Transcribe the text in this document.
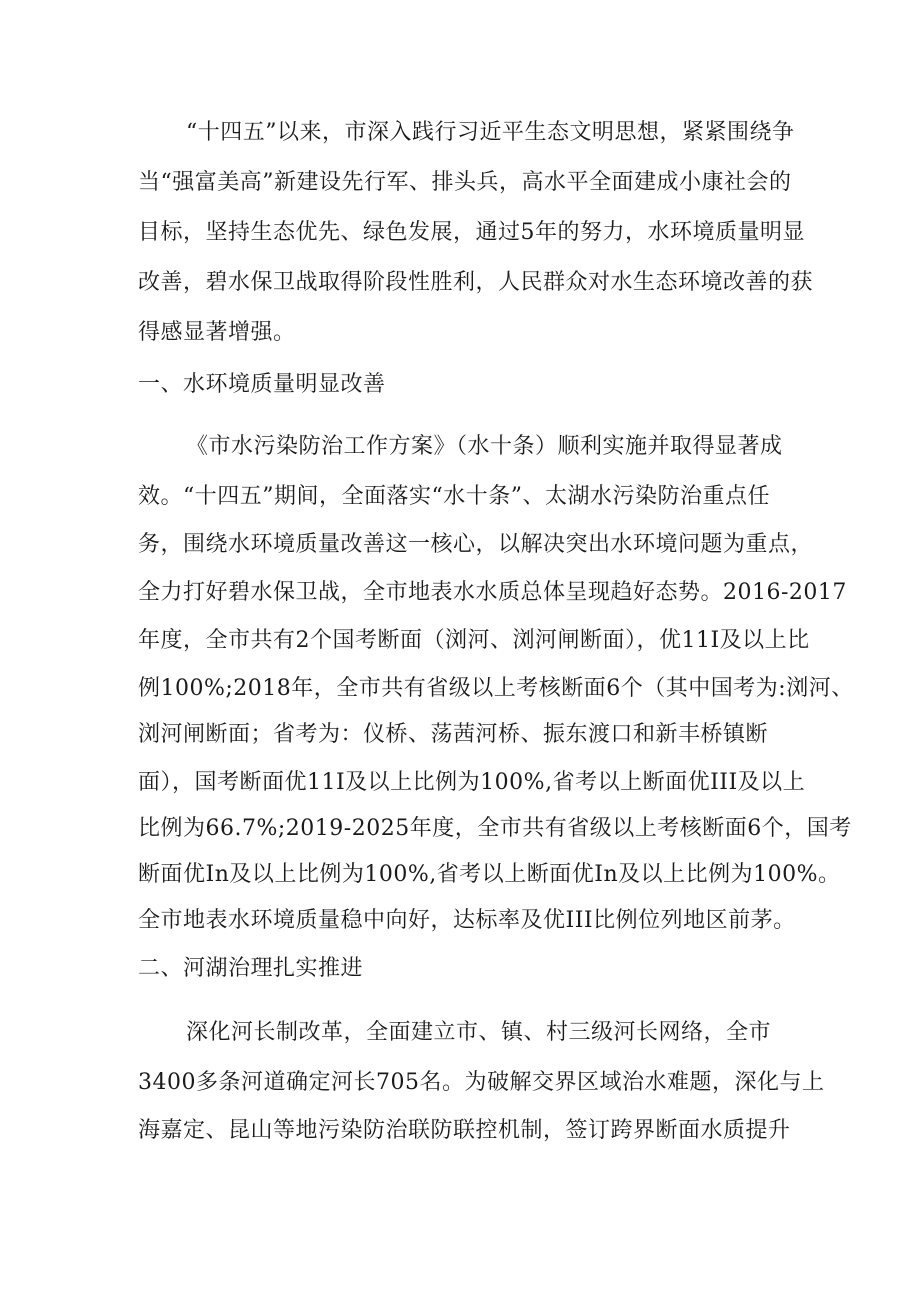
“十四五”以来，市深入践行习近平生态文明思想，紧紧围绕争
当“强富美高”新建设先行军、排头兵，高水平全面建成小康社会的
目标，坚持生态优先、绿色发展，通过5年的努力，水环境质量明显
改善，碧水保卫战取得阶段性胜利，人民群众对水生态环境改善的获
得感显著增强。
一、水环境质量明显改善
《市水污染防治工作方案》（水十条）顺利实施并取得显著成
效。“十四五”期间，全面落实“水十条”、太湖水污染防治重点任
务，围绕水环境质量改善这一核心，以解决突出水环境问题为重点，
全力打好碧水保卫战，全市地表水水质总体呈现趋好态势。2016-2017
年度，全市共有2个国考断面（浏河、浏河闸断面），优11I及以上比
例100%;2018年，全市共有省级以上考核断面6个（其中国考为:浏河、
浏河闸断面；省考为：仪桥、荡茜河桥、振东渡口和新丰桥镇断
面），国考断面优11I及以上比例为100%,省考以上断面优III及以上
比例为66.7%;2019-2025年度，全市共有省级以上考核断面6个，国考
断面优In及以上比例为100%,省考以上断面优In及以上比例为100%。
全市地表水环境质量稳中向好，达标率及优III比例位列地区前茅。
二、河湖治理扎实推进
深化河长制改革，全面建立市、镇、村三级河长网络，全市
3400多条河道确定河长705名。为破解交界区域治水难题，深化与上
海嘉定、昆山等地污染防治联防联控机制，签订跨界断面水质提升
